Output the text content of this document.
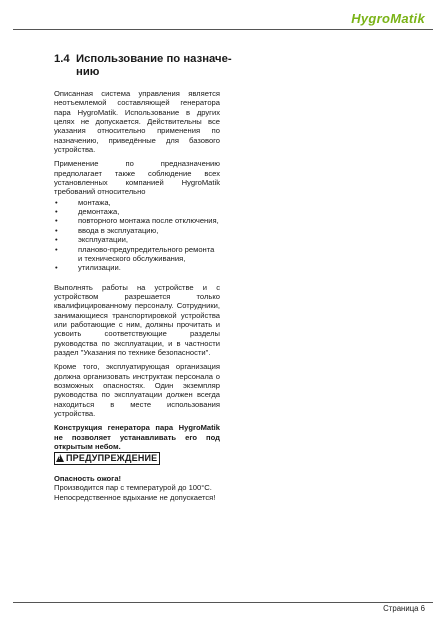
HygroMatik
1.4 Использование по назначе-
нию

Описанная система управления является неотъемлемой составляющей генератора пара HygroMatik. Использование в других целях не допускается. Действительны все указания относительно применения по назначению, приведённые для базового устройства.

Применение по предназначению предполагает также соблюдение всех установленных компанией HygroMatik требований относительно

• монтажа,
• демонтажа,
• повторного монтажа после отключения,
• ввода в эксплуатацию,
• эксплуатации,
• планово-предупредительного ремонта и технического обслуживания,
• утилизации.

Выполнять работы на устройстве и с устройством разрешается только квалифицированному персоналу. Сотрудники, занимающиеся транспортировкой устройства или работающие с ним, должны прочитать и усвоить соответствующие разделы руководства по эксплуатации, и в частности раздел "Указания по технике безопасности".

Кроме того, эксплуатирующая организация должна организовать инструктаж персонала о возможных опасностях. Один экземпляр руководства по эксплуатации должен всегда находиться в месте использования устройства.

Конструкция генератора пара HygroMatik не позволяет устанавливать его под открытым небом.

!ПРЕДУПРЕЖДЕНИЕ
Опасность ожога!
Производится пар с температурой до 100°C.
Непосредственное вдыхание не допускается!
Страница 6
